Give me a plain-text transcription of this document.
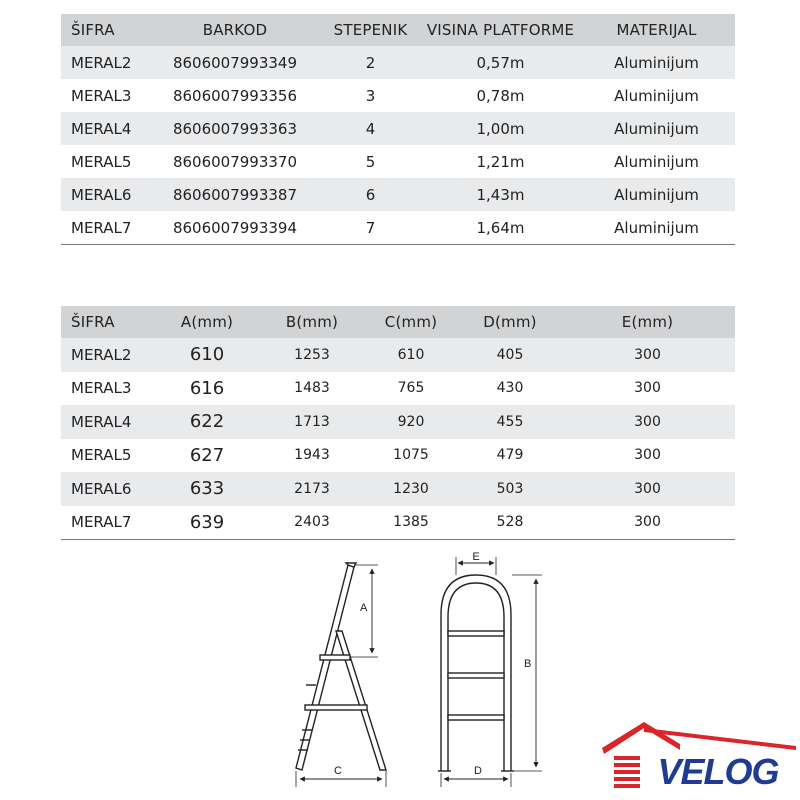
ŠIFRA	BARKOD	STEPENIK	VISINA PLATFORME	MATERIJAL
MERAL2	8606007993349	2	0,57m	Aluminijum
MERAL3	8606007993356	3	0,78m	Aluminijum
MERAL4	8606007993363	4	1,00m	Aluminijum
MERAL5	8606007993370	5	1,21m	Aluminijum
MERAL6	8606007993387	6	1,43m	Aluminijum
MERAL7	8606007993394	7	1,64m	Aluminijum
ŠIFRA	A(mm)	B(mm)	C(mm)	D(mm)	E(mm)
MERAL2	610	1253	610	405	300
MERAL3	616	1483	765	430	300
MERAL4	622	1713	920	455	300
MERAL5	627	1943	1075	479	300
MERAL6	633	2173	1230	503	300
MERAL7	639	2403	1385	528	300
A
C
E
B
D	VELOG
